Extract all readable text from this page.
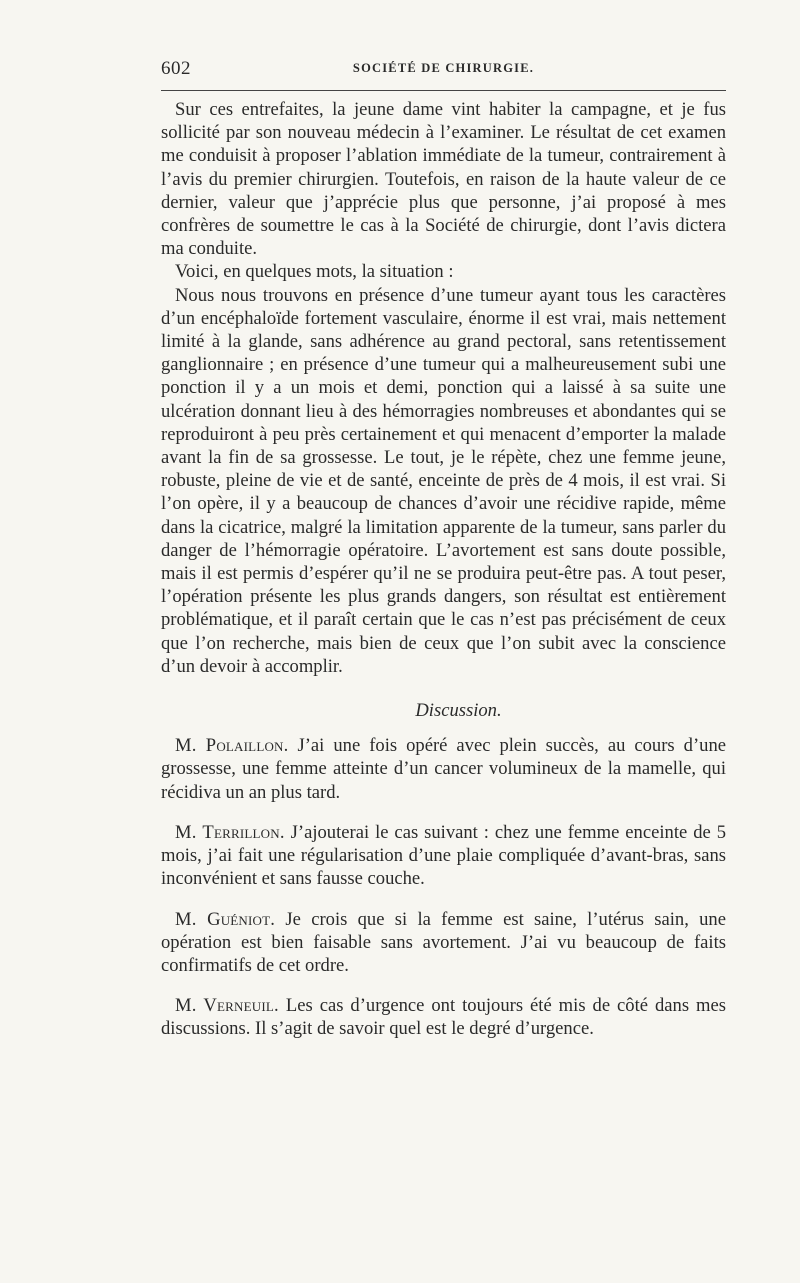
602	SOCIÉTÉ DE CHIRURGIE.

Sur ces entrefaites, la jeune dame vint habiter la campagne, et je fus sollicité par son nouveau médecin à l’examiner. Le résultat de cet examen me conduisit à proposer l’ablation immédiate de la tumeur, contrairement à l’avis du premier chirurgien. Toutefois, en raison de la haute valeur de ce dernier, valeur que j’apprécie plus que personne, j’ai proposé à mes confrères de soumettre le cas à la Société de chirurgie, dont l’avis dictera ma conduite.

Voici, en quelques mots, la situation :

Nous nous trouvons en présence d’une tumeur ayant tous les caractères d’un encéphaloïde fortement vasculaire, énorme il est vrai, mais nettement limité à la glande, sans adhérence au grand pectoral, sans retentissement ganglionnaire ; en présence d’une tumeur qui a malheureusement subi une ponction il y a un mois et demi, ponction qui a laissé à sa suite une ulcération donnant lieu à des hémorragies nombreuses et abondantes qui se reproduiront à peu près certainement et qui menacent d’emporter la malade avant la fin de sa grossesse. Le tout, je le répète, chez une femme jeune, robuste, pleine de vie et de santé, enceinte de près de 4 mois, il est vrai. Si l’on opère, il y a beaucoup de chances d’avoir une récidive rapide, même dans la cicatrice, malgré la limitation apparente de la tumeur, sans parler du danger de l’hémorragie opératoire. L’avortement est sans doute possible, mais il est permis d’espérer qu’il ne se produira peut-être pas. A tout peser, l’opération présente les plus grands dangers, son résultat est entièrement problématique, et il paraît certain que le cas n’est pas précisément de ceux que l’on recherche, mais bien de ceux que l’on subit avec la conscience d’un devoir à accomplir.

Discussion.

M. Polaillon. J’ai une fois opéré avec plein succès, au cours d’une grossesse, une femme atteinte d’un cancer volumineux de la mamelle, qui récidiva un an plus tard.

M. Terrillon. J’ajouterai le cas suivant : chez une femme enceinte de 5 mois, j’ai fait une régularisation d’une plaie compliquée d’avant-bras, sans inconvénient et sans fausse couche.

M. Guéniot. Je crois que si la femme est saine, l’utérus sain, une opération est bien faisable sans avortement. J’ai vu beaucoup de faits confirmatifs de cet ordre.

M. Verneuil. Les cas d’urgence ont toujours été mis de côté dans mes discussions. Il s’agit de savoir quel est le degré d’urgence.
